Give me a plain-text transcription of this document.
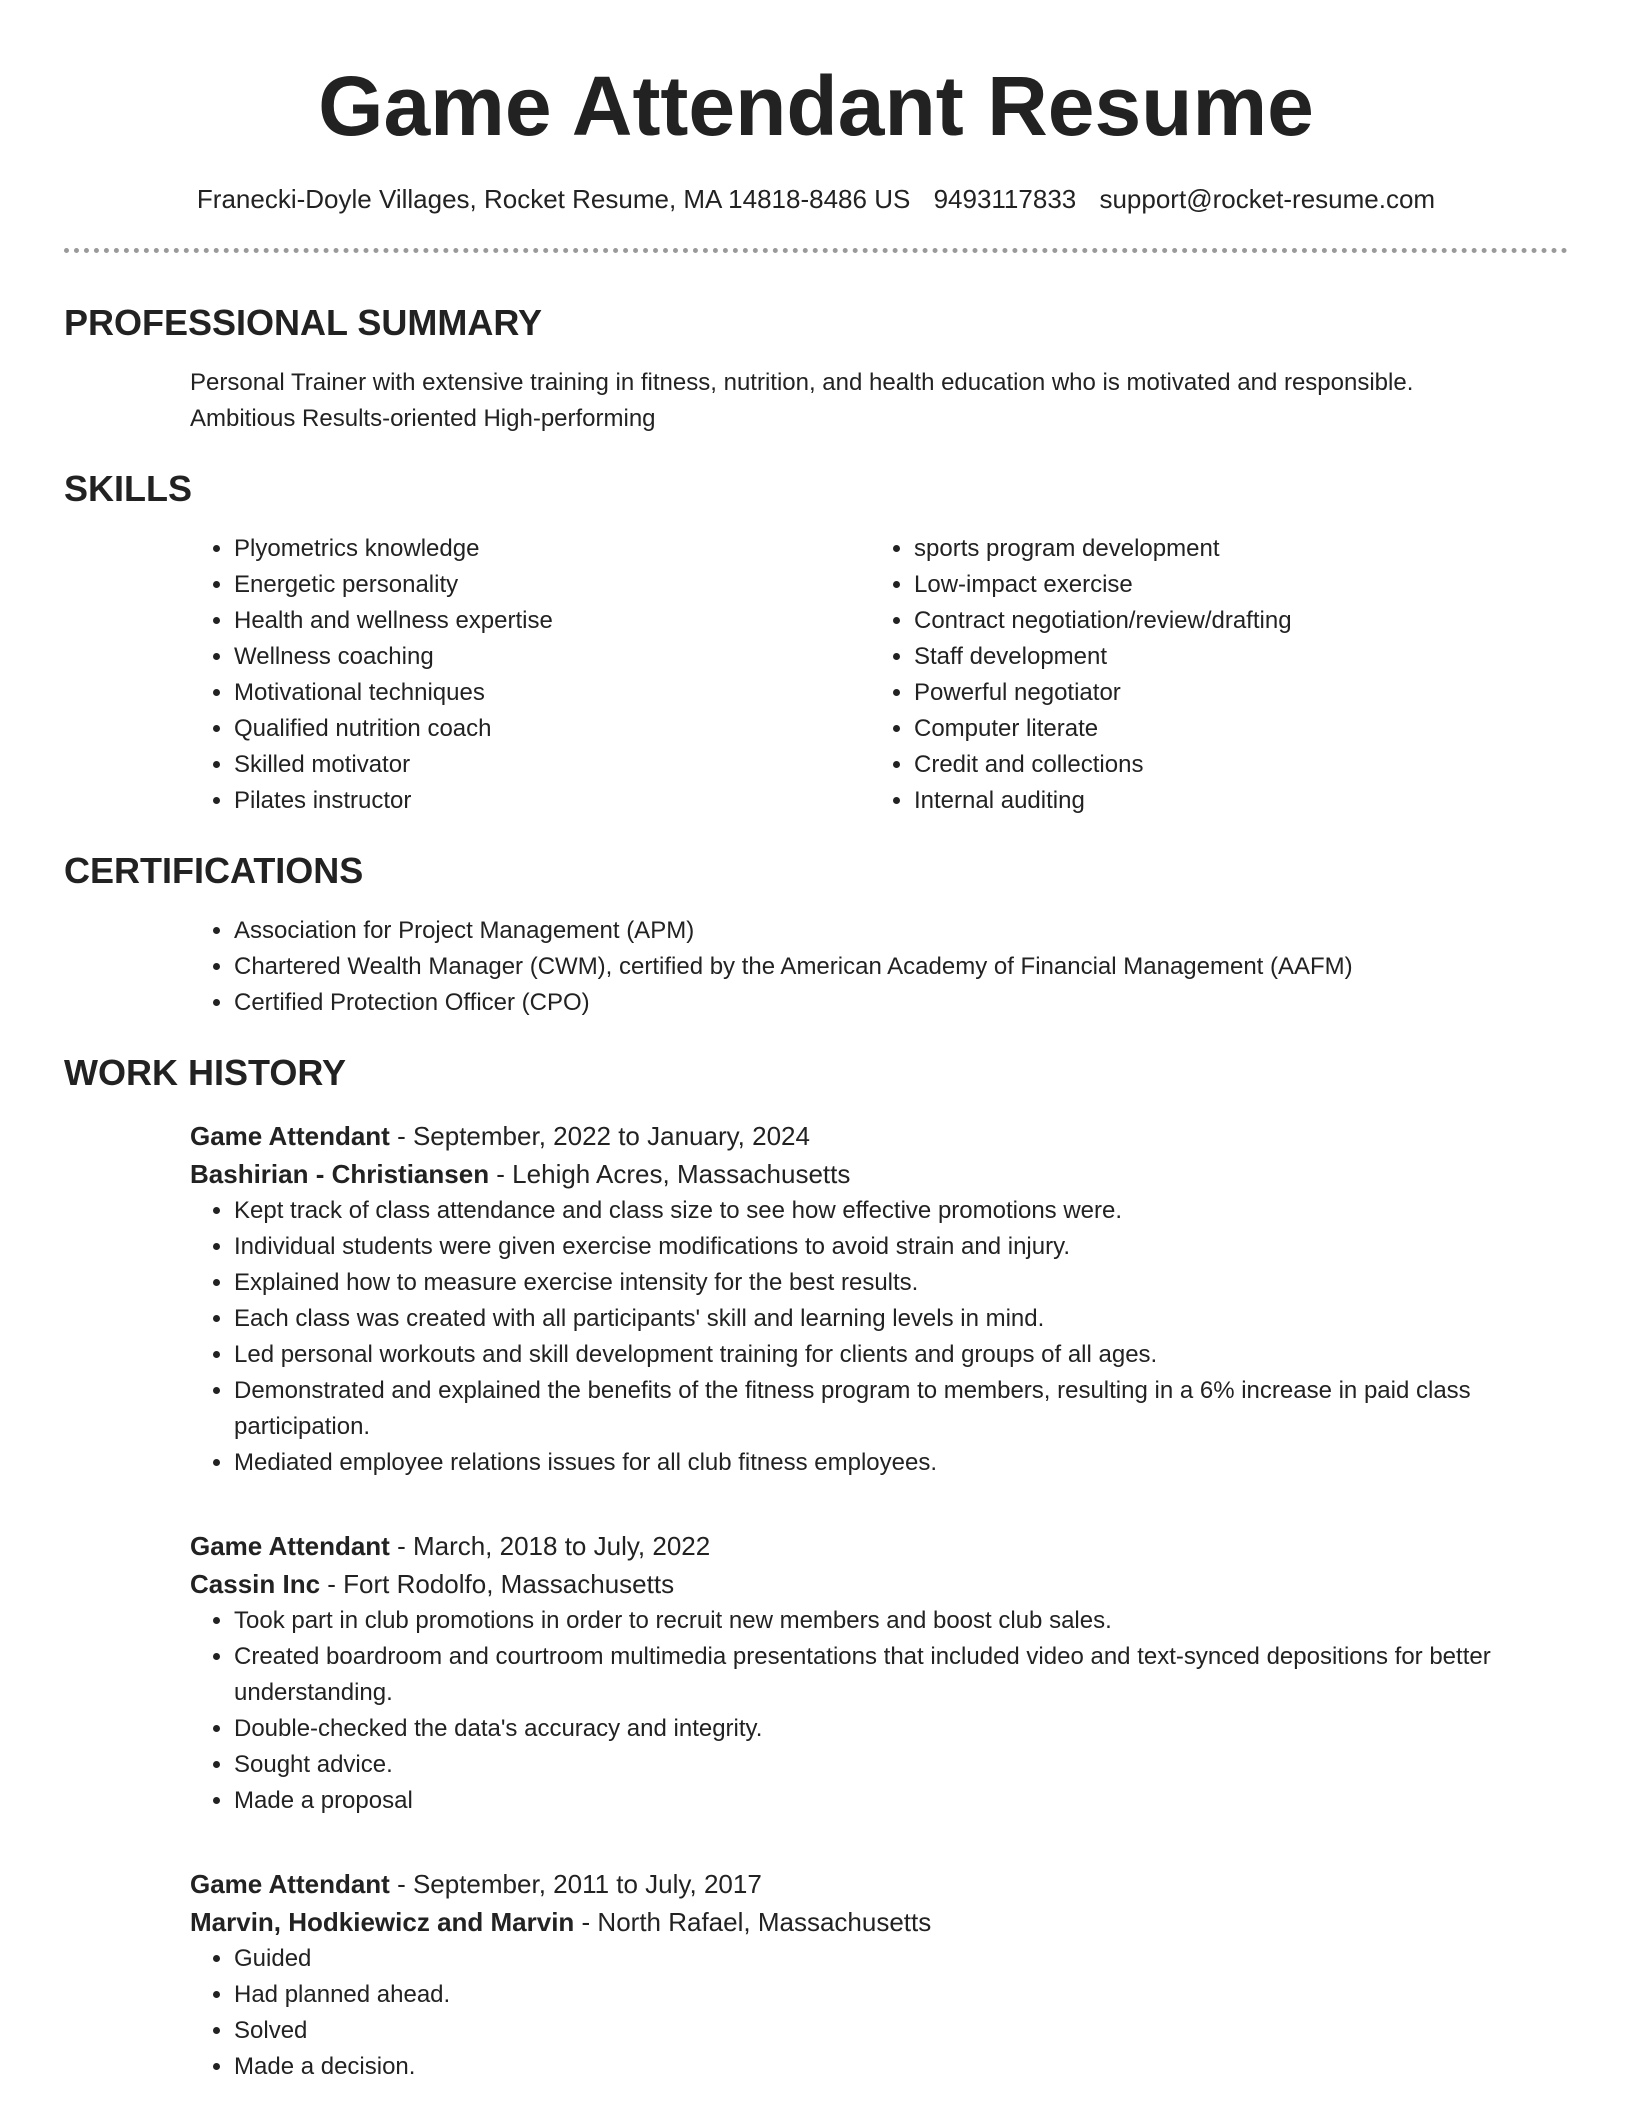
Game Attendant Resume
Franecki-Doyle Villages, Rocket Resume, MA 14818-8486 US 9493117833 support@rocket-resume.com
PROFESSIONAL SUMMARY

Personal Trainer with extensive training in fitness, nutrition, and health education who is motivated and responsible.

Ambitious Results-oriented High-performing

SKILLS
• Plyometrics knowledge
• Energetic personality
• Health and wellness expertise
• Wellness coaching
• Motivational techniques
• Qualified nutrition coach
• Skilled motivator
• Pilates instructor
• sports program development
• Low-impact exercise
• Contract negotiation/review/drafting
• Staff development
• Powerful negotiator
• Computer literate
• Credit and collections
• Internal auditing
CERTIFICATIONS
• Association for Project Management (APM)
• Chartered Wealth Manager (CWM), certified by the American Academy of Financial Management (AAFM)
• Certified Protection Officer (CPO)
WORK HISTORY
Game Attendant - September, 2022 to January, 2024
Bashirian - Christiansen - Lehigh Acres, Massachusetts
• Kept track of class attendance and class size to see how effective promotions were.
• Individual students were given exercise modifications to avoid strain and injury.
• Explained how to measure exercise intensity for the best results.
• Each class was created with all participants' skill and learning levels in mind.
• Led personal workouts and skill development training for clients and groups of all ages.
• Demonstrated and explained the benefits of the fitness program to members, resulting in a 6% increase in paid class participation.
• Mediated employee relations issues for all club fitness employees.
Game Attendant - March, 2018 to July, 2022
Cassin Inc - Fort Rodolfo, Massachusetts
• Took part in club promotions in order to recruit new members and boost club sales.
• Created boardroom and courtroom multimedia presentations that included video and text-synced depositions for better understanding.
• Double-checked the data's accuracy and integrity.
• Sought advice.
• Made a proposal
Game Attendant - September, 2011 to July, 2017
Marvin, Hodkiewicz and Marvin - North Rafael, Massachusetts
• Guided
• Had planned ahead.
• Solved
• Made a decision.
